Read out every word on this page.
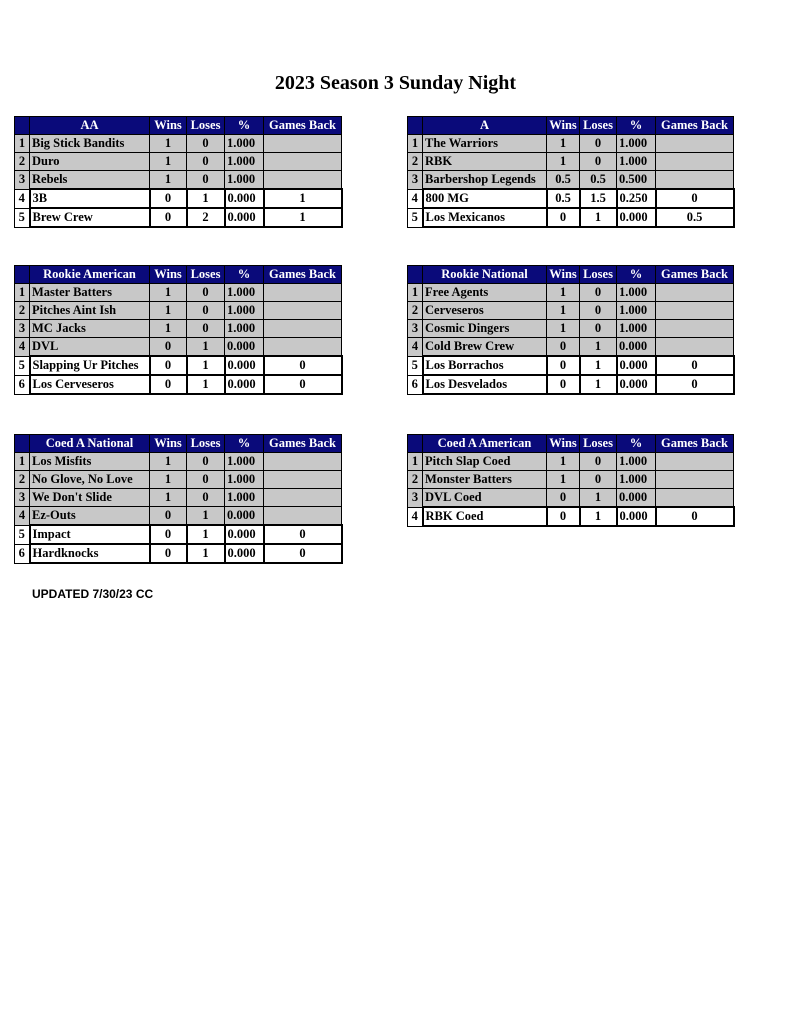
2023 Season 3 Sunday Night
	AA	Wins	Loses	%	Games Back
1	Big Stick Bandits	1	0	1.000	
2	Duro	1	0	1.000	
3	Rebels	1	0	1.000	
4	3B	0	1	0.000	1
5	Brew Crew	0	2	0.000	1
	A	Wins	Loses	%	Games Back
1	The Warriors	1	0	1.000	
2	RBK	1	0	1.000	
3	Barbershop Legends	0.5	0.5	0.500	
4	800 MG	0.5	1.5	0.250	0
5	Los Mexicanos	0	1	0.000	0.5
	Rookie American	Wins	Loses	%	Games Back
1	Master Batters	1	0	1.000	
2	Pitches Aint Ish	1	0	1.000	
3	MC Jacks	1	0	1.000	
4	DVL	0	1	0.000	
5	Slapping Ur Pitches	0	1	0.000	0
6	Los Cerveseros	0	1	0.000	0
	Rookie National	Wins	Loses	%	Games Back
1	Free Agents	1	0	1.000	
2	Cerveseros	1	0	1.000	
3	Cosmic Dingers	1	0	1.000	
4	Cold Brew Crew	0	1	0.000	
5	Los Borrachos	0	1	0.000	0
6	Los Desvelados	0	1	0.000	0
	Coed A National	Wins	Loses	%	Games Back
1	Los Misfits	1	0	1.000	
2	No Glove, No Love	1	0	1.000	
3	We Don't Slide	1	0	1.000	
4	Ez-Outs	0	1	0.000	
5	Impact	0	1	0.000	0
6	Hardknocks	0	1	0.000	0
	Coed A American	Wins	Loses	%	Games Back
1	Pitch Slap Coed	1	0	1.000	
2	Monster Batters	1	0	1.000	
3	DVL Coed	0	1	0.000	
4	RBK Coed	0	1	0.000	0
UPDATED 7/30/23 CC
